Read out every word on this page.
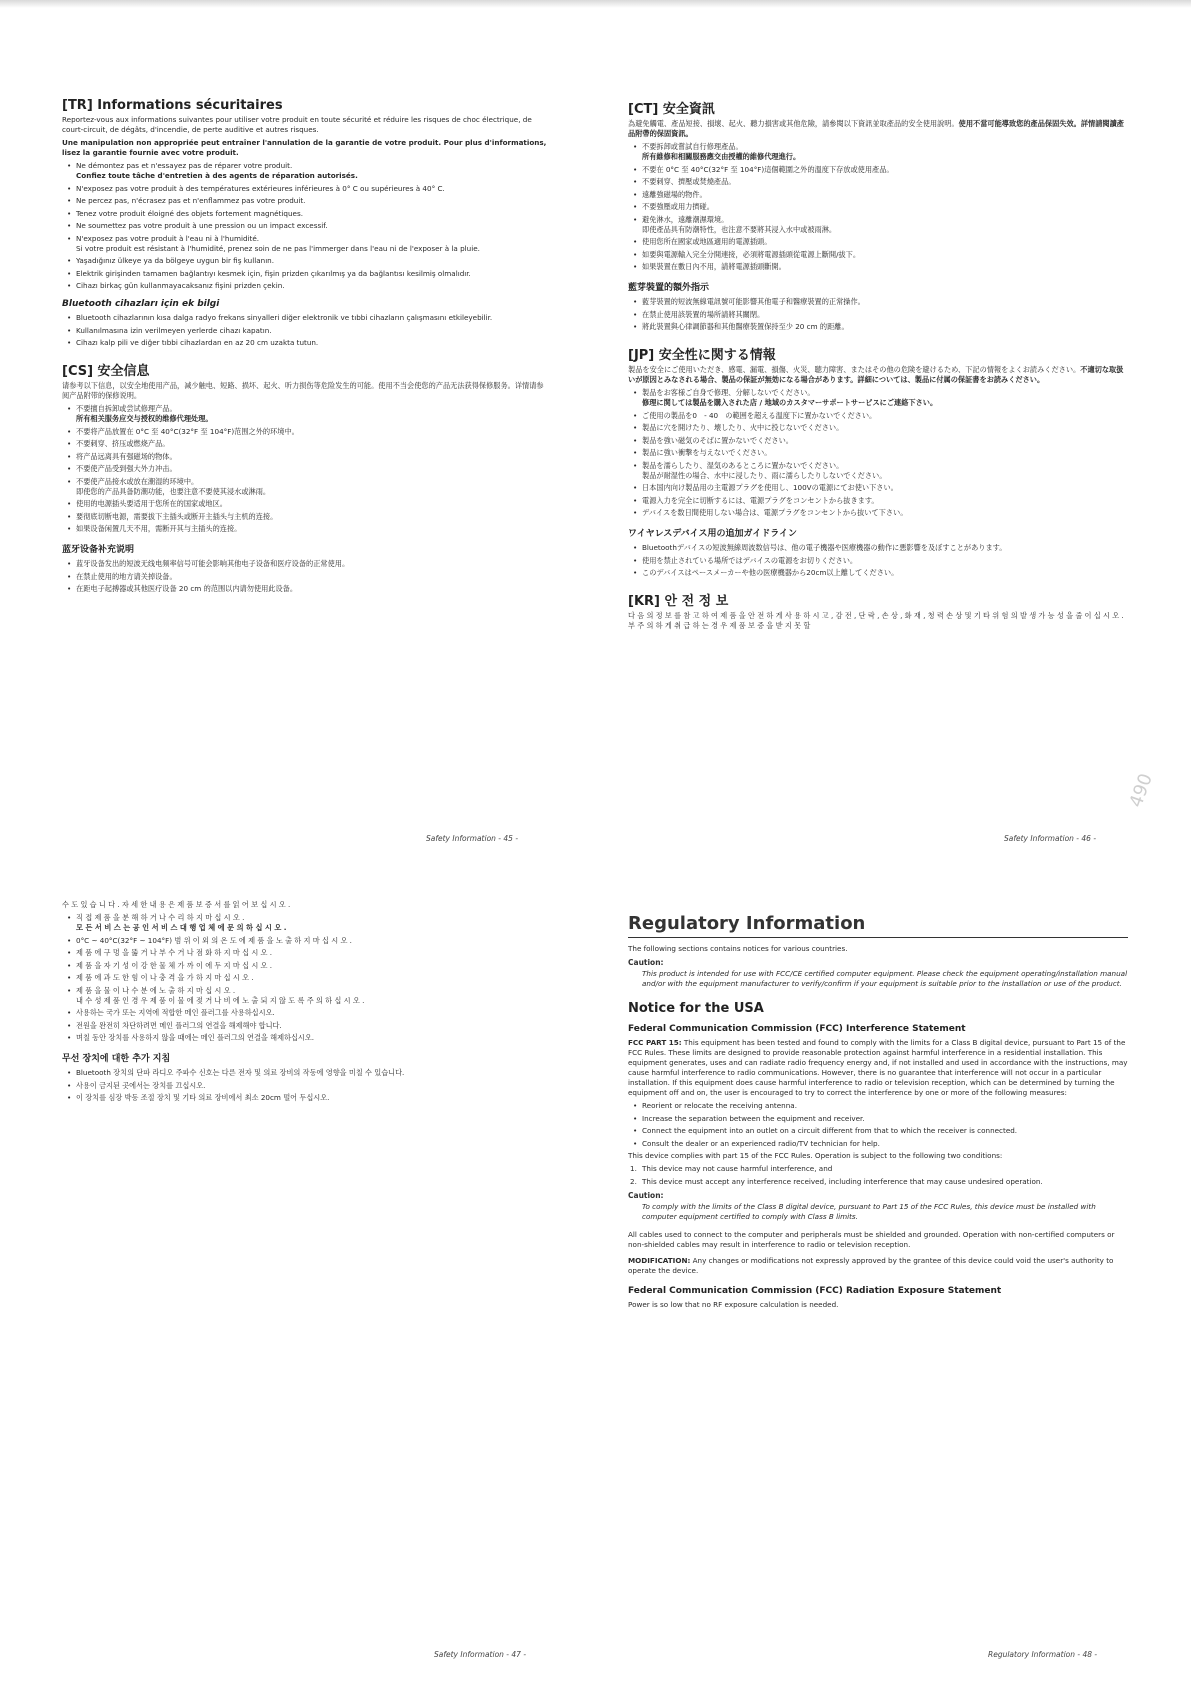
[TR] Informations sécuritaires

Reportez-vous aux informations suivantes pour utiliser votre produit en toute sécurité et réduire les risques de choc électrique, de court-circuit, de dégâts, d'incendie, de perte auditive et autres risques.

Une manipulation non appropriée peut entraîner l'annulation de la garantie de votre produit. Pour plus d'informations, lisez la garantie fournie avec votre produit.

• Ne démontez pas et n'essayez pas de réparer votre produit.
Confiez toute tâche d'entretien à des agents de réparation autorisés.
• N'exposez pas votre produit à des températures extérieures inférieures à 0° C ou supérieures à 40° C.
• Ne percez pas, n'écrasez pas et n'enflammez pas votre produit.
• Tenez votre produit éloigné des objets fortement magnétiques.
• Ne soumettez pas votre produit à une pression ou un impact excessif.
• N'exposez pas votre produit à l'eau ni à l'humidité.
Si votre produit est résistant à l'humidité, prenez soin de ne pas l'immerger dans l'eau ni de l'exposer à la pluie.
• Yaşadığınız ülkeye ya da bölgeye uygun bir fiş kullanın.
• Elektrik girişinden tamamen bağlantıyı kesmek için, fişin prizden çıkarılmış ya da bağlantısı kesilmiş olmalıdır.
• Cihazı birkaç gün kullanmayacaksanız fişini prizden çekin.
Bluetooth cihazları için ek bilgi
• Bluetooth cihazlarının kısa dalga radyo frekans sinyalleri diğer elektronik ve tıbbi cihazların çalışmasını etkileyebilir.
• Kullanılmasına izin verilmeyen yerlerde cihazı kapatın.
• Cihazı kalp pili ve diğer tıbbi cihazlardan en az 20 cm uzakta tutun.
[CS] 安全信息

请参考以下信息，以安全地使用产品，减少触电、短路、损坏、起火、听力损伤等危险发生的可能。使用不当会使您的产品无法获得保修服务。详情请参阅产品附带的保修说明。

• 不要擅自拆卸或尝试修理产品。
所有相关服务应交与授权的维修代理处理。
• 不要将产品放置在 0°C 至 40°C(32°F 至 104°F)范围之外的环境中。
• 不要刺穿、挤压或燃烧产品。
• 将产品远离具有强磁场的物体。
• 不要使产品受到强大外力冲击。
• 不要使产品接水或放在潮湿的环境中。
即使您的产品具备防潮功能，也要注意不要使其浸水或淋雨。
• 使用的电源插头要适用于您所在的国家或地区。
• 要彻底切断电源，需要拔下主插头或断开主插头与主机的连接。
• 如果设备闲置几天不用，需断开其与主插头的连接。
蓝牙设备补充说明
• 蓝牙设备发出的短波无线电频率信号可能会影响其他电子设备和医疗设备的正常使用。
• 在禁止使用的地方请关掉设备。
• 在距电子起搏器或其他医疗设备 20 cm 的范围以内请勿使用此设备。
Safety Information - 45 -
[CT] 安全資訊

為避免觸電、產品短接、損壞、起火、聽力損害或其他危險，請參閱以下資訊並取產品的安全使用說明。使用不當可能導致您的產品保固失效。詳情請閱讀產品附帶的保固資訊。

• 不要拆卸或嘗試自行修理產品。
所有維修和相關服務應交由授權的維修代理進行。
• 不要在 0°C 至 40°C(32°F 至 104°F)這個範圍之外的溫度下存放或使用產品。
• 不要刺穿、擠壓或焚燒產品。
• 遠離強磁場的物件。
• 不要強壓或用力擠碰。
• 避免淋水，遠離潮濕環境。
即使產品具有防潮特性，也注意不要將其浸入水中或被雨淋。
• 使用您所在國家或地區適用的電源插頭。
• 如要與電源輸入完全分開連接，必須將電源插頭從電源上斷開/拔下。
• 如果裝置在數日內不用，請將電源插頭斷開。
藍芽裝置的額外指示
• 藍芽裝置的短波無線電訊號可能影響其他電子和醫療裝置的正常操作。
• 在禁止使用該裝置的場所請將其關閉。
• 將此裝置與心律調節器和其他醫療裝置保持至少 20 cm 的距離。
[JP] 安全性に関する情報

製品を安全にご使用いただき、感電、漏電、損傷、火災、聴力障害、またはその他の危険を避けるため、下記の情報をよくお読みください。不適切な取扱いが原因とみなされる場合、製品の保証が無効になる場合があります。詳細については、製品に付属の保証書をお読みください。

• 製品をお客様ご自身で修理、分解しないでください。
修理に関しては製品を購入された店 / 地域のカスタマーサポートサービスにご連絡下さい。
• ご使用の製品を0　- 40　の範囲を超える温度下に置かないでください。
• 製品に穴を開けたり、壊したり、火中に投じないでください。
• 製品を強い磁気のそばに置かないでください。
• 製品に強い衝撃を与えないでください。
• 製品を濡らしたり、湿気のあるところに置かないでください。
製品が耐湿性の場合、水中に浸したり、雨に濡らしたりしないでください。
• 日本国内向け製品用の主電源プラグを使用し、100Vの電源にてお使い下さい。
• 電源入力を完全に切断するには、電源プラグをコンセントから抜きます。
• デバイスを数日間使用しない場合は、電源プラグをコンセントから抜いて下さい。
ワイヤレスデバイス用の追加ガイドライン
• Bluetoothデバイスの短波無線周波数信号は、他の電子機器や医療機器の動作に悪影響を及ぼすことがあります。
• 使用を禁止されている場所ではデバイスの電源をお切りください。
• このデバイスはペースメーカーや他の医療機器から20cm以上離してください。
[KR] 안 전 정 보

다 음 의 정 보 를 참 고 하 여 제 품 을 안 전 하 게 사 용 하 시 고 , 감 전 , 단 락 , 손 상 , 화 재 , 청 력 손 상 및 기 타 위 험 의 발 생 가 능 성 을 줄 이 십 시 오 . 부 주 의 하 게 취 급 하 는 경 우 제 품 보 증 을 받 지 못 할

Safety Information - 46 -
490

수 도 있 습 니 다 . 자 세 한 내 용 은 제 품 보 증 서 를 읽 어 보 십 시 오 .

• 직 접 제 품 을 분 해 하 거 나 수 리 하 지 마 십 시 오 .
모 든 서 비 스 는 공 인 서 비 스 대 행 업 체 에 문 의 하 십 시 오 .
• 0°C ~ 40°C(32°F ~ 104°F) 범 위 이 외 의 온 도 에 제 품 을 노 출 하 지 마 십 시 오 .
• 제 품 에 구 멍 을 뚫 거 나 부 수 거 나 점 화 하 지 마 십 시 오 .
• 제 품 을 자 기 성 이 강 한 물 체 가 까 이 에 두 지 마 십 시 오 .
• 제 품 에 과 도 한 힘 이 나 충 격 을 가 하 지 마 십 시 오 .
• 제 품 을 물 이 나 수 분 에 노 출 하 지 마 십 시 오 .
내 수 성 제 품 인 경 우 제 품 이 물 에 젖 거 나 비 에 노 출 되 지 않 도 록 주 의 하 십 시 오 .
• 사용하는 국가 또는 지역에 적합한 메인 플러그를 사용하십시오.
• 전원을 완전히 차단하려면 메인 플러그의 연결을 해제해야 합니다.
• 며칠 동안 장치를 사용하지 않을 때에는 메인 플러그의 연결을 해제하십시오.
무선 장치에 대한 추가 지침
• Bluetooth 장치의 단파 라디오 주파수 신호는 다른 전자 및 의료 장비의 작동에 영향을 미칠 수 있습니다.
• 사용이 금지된 곳에서는 장치를 끄십시오.
• 이 장치를 심장 박동 조절 장치 및 기타 의료 장비에서 최소 20cm 떨어 두십시오.
Safety Information - 47 -
Regulatory Information

The following sections contains notices for various countries.

Caution:

This product is intended for use with FCC/CE certified computer equipment. Please check the equipment operating/installation manual and/or with the equipment manufacturer to verify/confirm if your equipment is suitable prior to the installation or use of the product.

Notice for the USA
Federal Communication Commission (FCC) Interference Statement

FCC PART 15: This equipment has been tested and found to comply with the limits for a Class B digital device, pursuant to Part 15 of the FCC Rules. These limits are designed to provide reasonable protection against harmful interference in a residential installation. This equipment generates, uses and can radiate radio frequency energy and, if not installed and used in accordance with the instructions, may cause harmful interference to radio communications. However, there is no guarantee that interference will not occur in a particular installation. If this equipment does cause harmful interference to radio or television reception, which can be determined by turning the equipment off and on, the user is encouraged to try to correct the interference by one or more of the following measures:

• Reorient or relocate the receiving antenna.
• Increase the separation between the equipment and receiver.
• Connect the equipment into an outlet on a circuit different from that to which the receiver is connected.
• Consult the dealer or an experienced radio/TV technician for help.

This device complies with part 15 of the FCC Rules. Operation is subject to the following two conditions:

1. This device may not cause harmful interference, and
2. This device must accept any interference received, including interference that may cause undesired operation.
Caution:

To comply with the limits of the Class B digital device, pursuant to Part 15 of the FCC Rules, this device must be installed with computer equipment certified to comply with Class B limits.

All cables used to connect to the computer and peripherals must be shielded and grounded. Operation with non-certified computers or non-shielded cables may result in interference to radio or television reception.

MODIFICATION: Any changes or modifications not expressly approved by the grantee of this device could void the user's authority to operate the device.

Federal Communication Commission (FCC) Radiation Exposure Statement

Power is so low that no RF exposure calculation is needed.

Regulatory Information - 48 -
